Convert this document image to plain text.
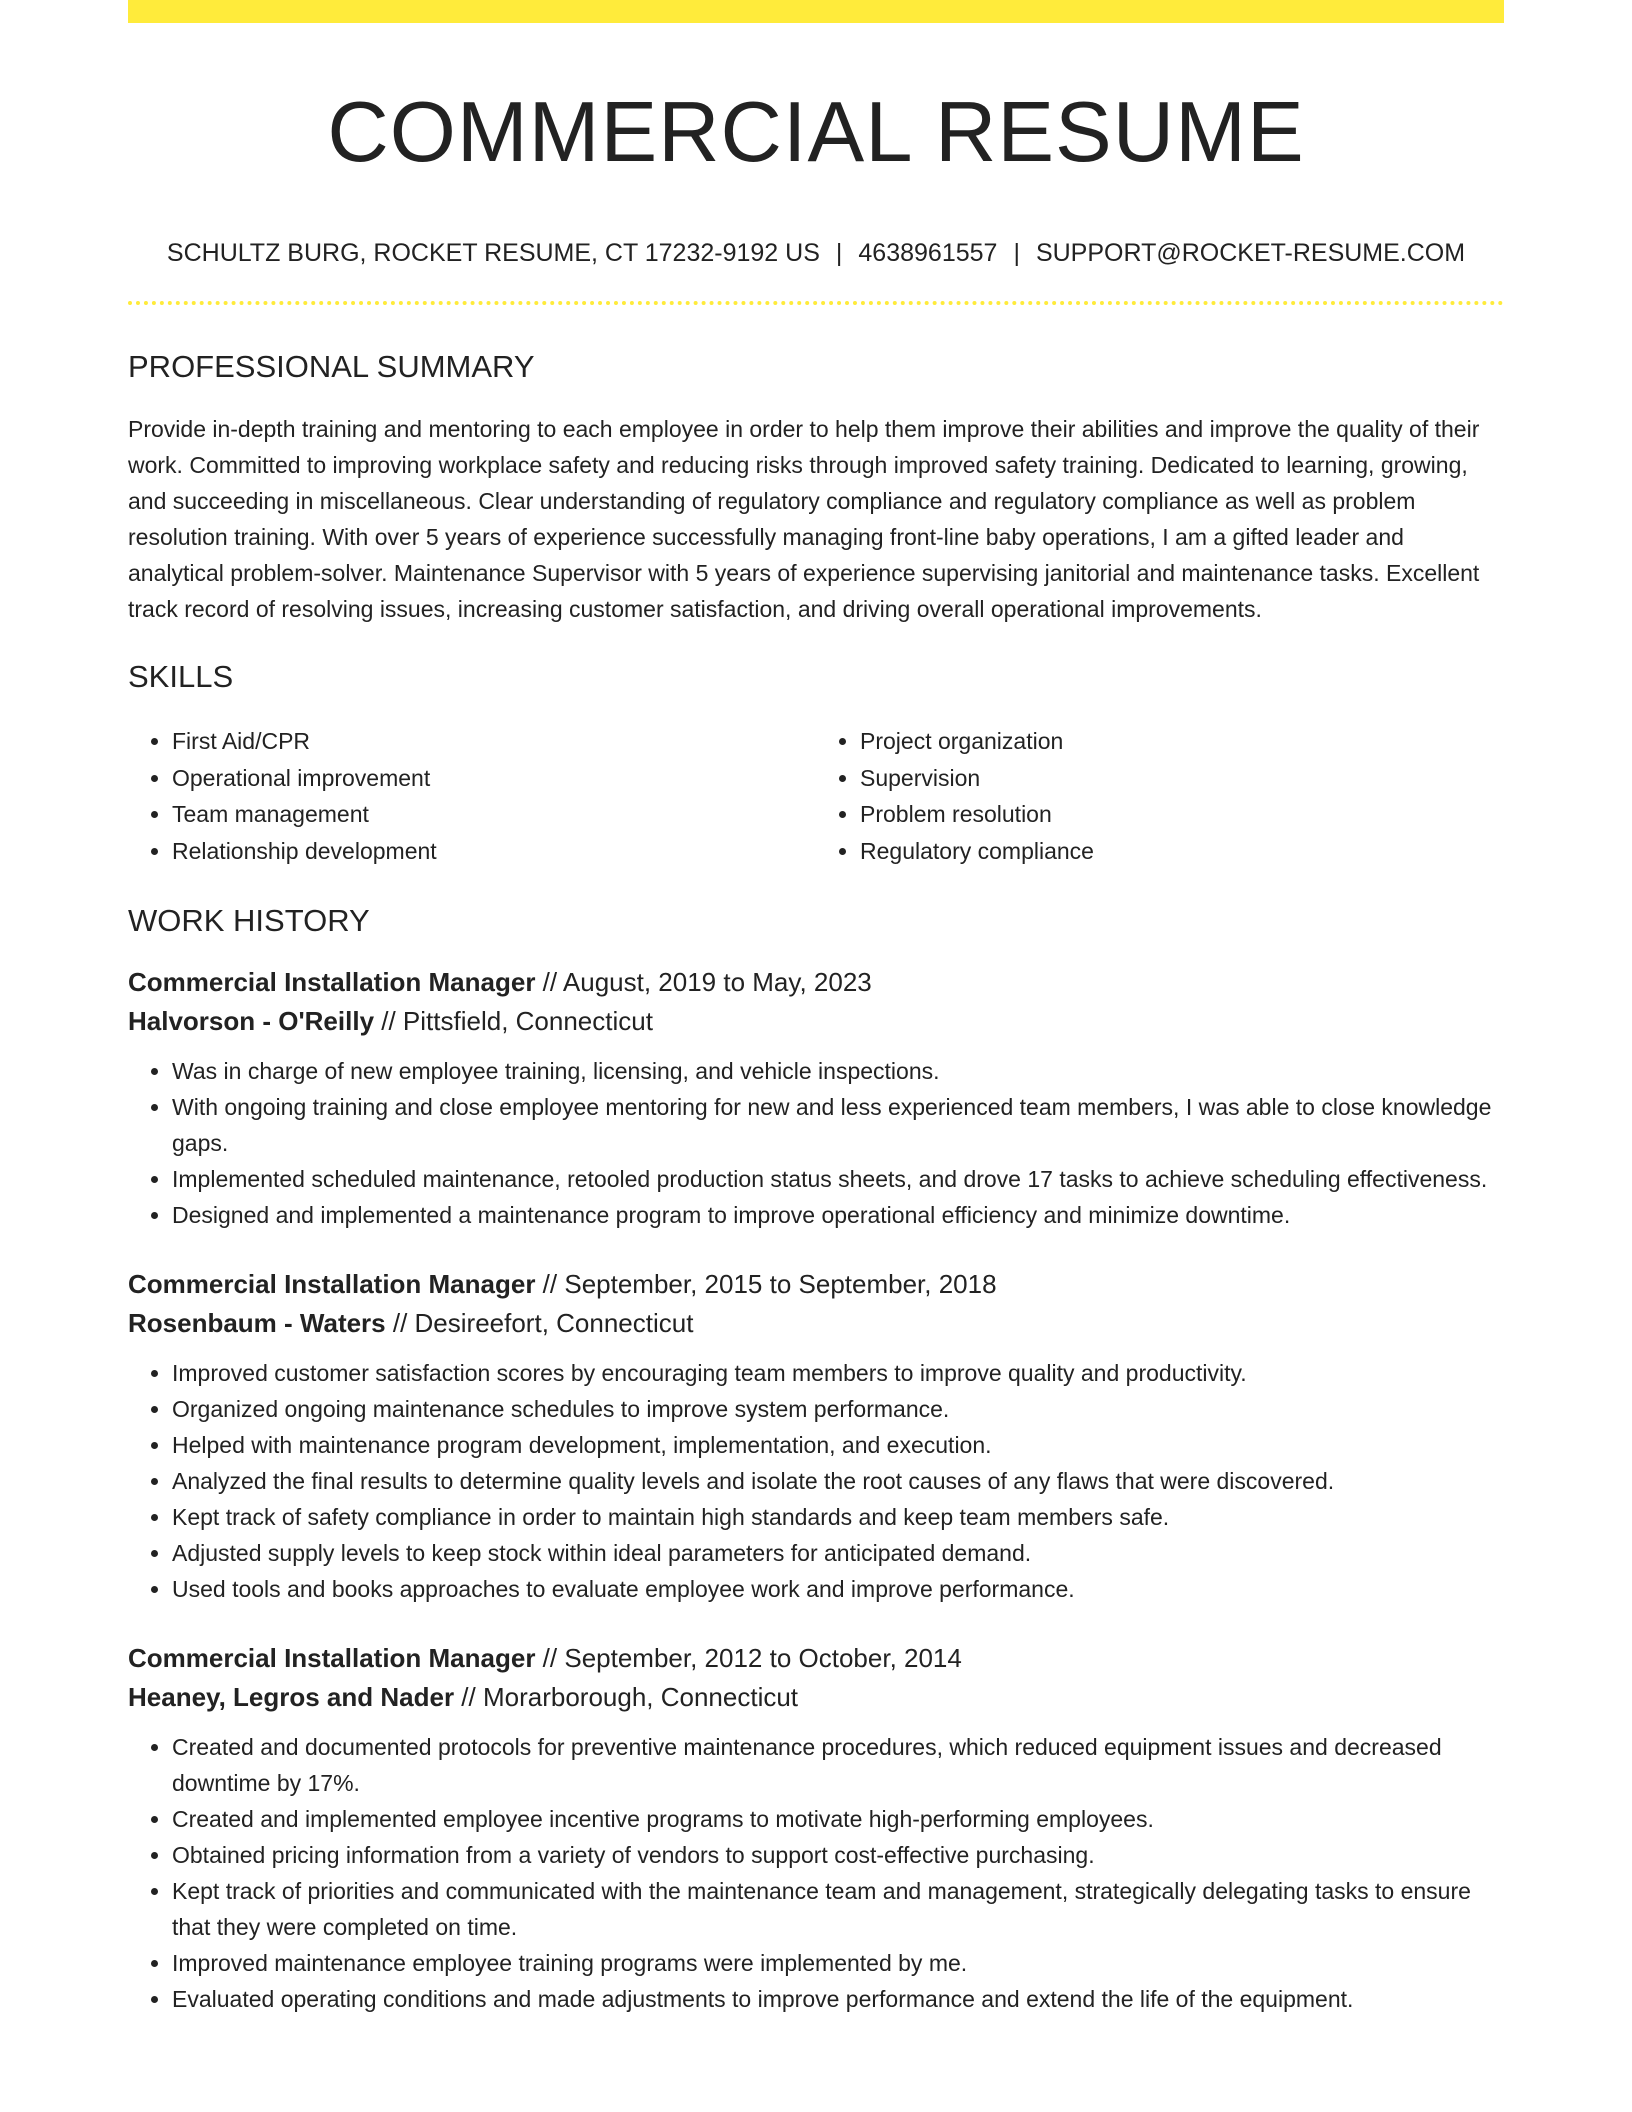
COMMERCIAL RESUME
SCHULTZ BURG, ROCKET RESUME, CT 17232-9192 US | 4638961557 | SUPPORT@ROCKET-RESUME.COM
PROFESSIONAL SUMMARY

Provide in-depth training and mentoring to each employee in order to help them improve their abilities and improve the quality of their work. Committed to improving workplace safety and reducing risks through improved safety training. Dedicated to learning, growing, and succeeding in miscellaneous. Clear understanding of regulatory compliance and regulatory compliance as well as problem resolution training. With over 5 years of experience successfully managing front-line baby operations, I am a gifted leader and analytical problem-solver. Maintenance Supervisor with 5 years of experience supervising janitorial and maintenance tasks. Excellent track record of resolving issues, increasing customer satisfaction, and driving overall operational improvements.

SKILLS
• First Aid/CPR
• Operational improvement
• Team management
• Relationship development
• Project organization
• Supervision
• Problem resolution
• Regulatory compliance
WORK HISTORY
Commercial Installation Manager // August, 2019 to May, 2023
Halvorson - O'Reilly // Pittsfield, Connecticut
• Was in charge of new employee training, licensing, and vehicle inspections.
• With ongoing training and close employee mentoring for new and less experienced team members, I was able to close knowledge gaps.
• Implemented scheduled maintenance, retooled production status sheets, and drove 17 tasks to achieve scheduling effectiveness.
• Designed and implemented a maintenance program to improve operational efficiency and minimize downtime.
Commercial Installation Manager // September, 2015 to September, 2018
Rosenbaum - Waters // Desireefort, Connecticut
• Improved customer satisfaction scores by encouraging team members to improve quality and productivity.
• Organized ongoing maintenance schedules to improve system performance.
• Helped with maintenance program development, implementation, and execution.
• Analyzed the final results to determine quality levels and isolate the root causes of any flaws that were discovered.
• Kept track of safety compliance in order to maintain high standards and keep team members safe.
• Adjusted supply levels to keep stock within ideal parameters for anticipated demand.
• Used tools and books approaches to evaluate employee work and improve performance.
Commercial Installation Manager // September, 2012 to October, 2014
Heaney, Legros and Nader // Morarborough, Connecticut
• Created and documented protocols for preventive maintenance procedures, which reduced equipment issues and decreased downtime by 17%.
• Created and implemented employee incentive programs to motivate high-performing employees.
• Obtained pricing information from a variety of vendors to support cost-effective purchasing.
• Kept track of priorities and communicated with the maintenance team and management, strategically delegating tasks to ensure that they were completed on time.
• Improved maintenance employee training programs were implemented by me.
• Evaluated operating conditions and made adjustments to improve performance and extend the life of the equipment.
